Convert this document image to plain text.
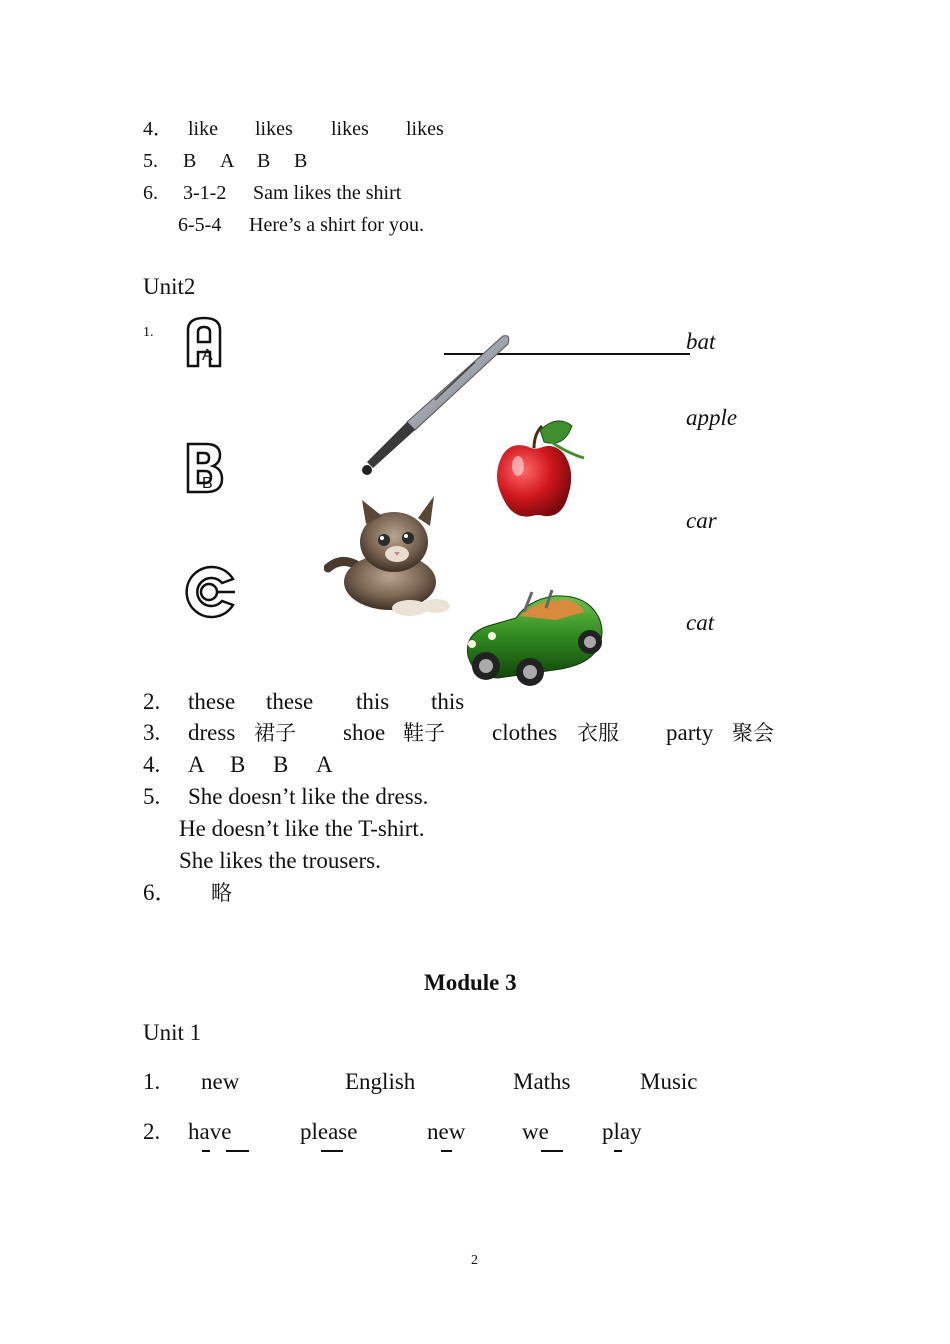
4． like likes likes likes
5. B A B B
6. 3-1-2 Sam likes the shirt
6-5-4 Here’s a shirt for you.
Unit2
1.
A
B
bat
apple
car
cat
2. these these this this
3. dress 裙子 shoe 鞋子 clothes 衣服 party 聚会
4. A B B A
5. She doesn’t like the dress.
He doesn’t like the T-shirt.
She likes the trousers.
6． 略
Module 3
Unit 1
1. new	English	Maths	Music
2. have	please	new we play
2
